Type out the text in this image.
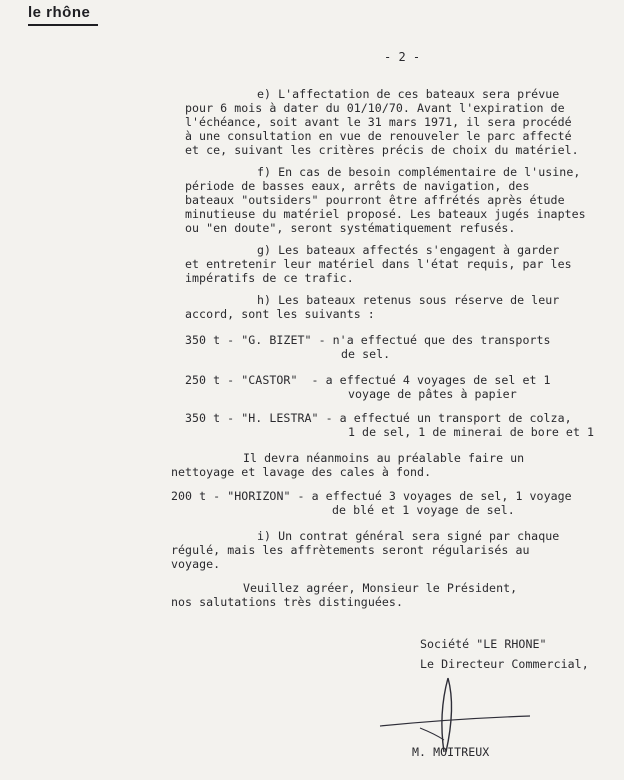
le rhône
- 2 -
e) L'affectation de ces bateaux sera prévue
pour 6 mois à dater du 01/10/70. Avant l'expiration de
l'échéance, soit avant le 31 mars 1971, il sera procédé
à une consultation en vue de renouveler le parc affecté
et ce, suivant les critères précis de choix du matériel.
f) En cas de besoin complémentaire de l'usine,
période de basses eaux, arrêts de navigation, des
bateaux "outsiders" pourront être affrétés après étude
minutieuse du matériel proposé. Les bateaux jugés inaptes
ou "en doute", seront systématiquement refusés.
g) Les bateaux affectés s'engagent à garder
et entretenir leur matériel dans l'état requis, par les
impératifs de ce trafic.
h) Les bateaux retenus sous réserve de leur
accord, sont les suivants :
350 t - "G. BIZET" - n'a effectué que des transports
de sel.
250 t - "CASTOR"  - a effectué 4 voyages de sel et 1
voyage de pâtes à papier
350 t - "H. LESTRA" - a effectué un transport de colza,
1 de sel, 1 de minerai de bore et 1
Il devra néanmoins au préalable faire un
nettoyage et lavage des cales à fond.
200 t - "HORIZON" - a effectué 3 voyages de sel, 1 voyage
de blé et 1 voyage de sel.
i) Un contrat général sera signé par chaque
régulé, mais les affrètements seront régularisés au
voyage.
Veuillez agréer, Monsieur le Président,
nos salutations très distinguées.
Société "LE RHONE"
Le Directeur Commercial,
M. MOITREUX
